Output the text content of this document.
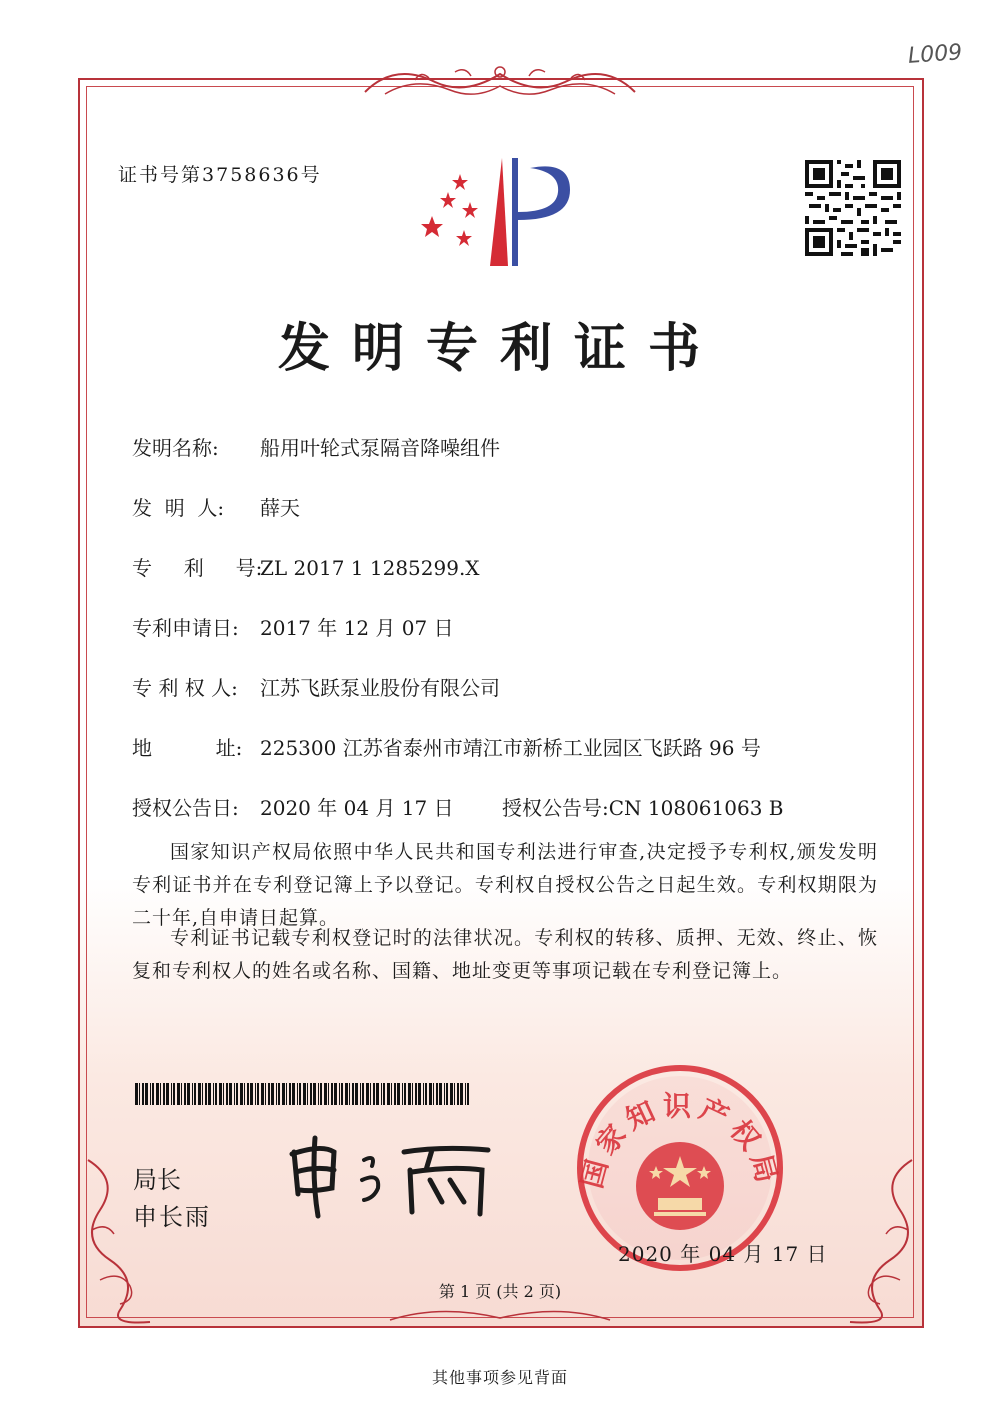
L009
证书号第3758636号
发明专利证书
发明名称: 船用叶轮式泵隔音降噪组件
发  明  人: 薛天
专     利     号:ZL 2017 1 1285299.X
专利申请日: 2017 年 12 月 07 日
专 利 权 人: 江苏飞跃泵业股份有限公司
地          址: 225300 江苏省泰州市靖江市新桥工业园区飞跃路 96 号
授权公告日: 2020 年 04 月 17 日 授权公告号:CN 108061063 B
国家知识产权局依照中华人民共和国专利法进行审查,决定授予专利权,颁发发明专利证书并在专利登记簿上予以登记。专利权自授权公告之日起生效。专利权期限为二十年,自申请日起算。
专利证书记载专利权登记时的法律状况。专利权的转移、质押、无效、终止、恢复和专利权人的姓名或名称、国籍、地址变更等事项记载在专利登记簿上。
局长
申长雨
国家知识产权局
2020 年 04 月 17 日
第 1 页 (共 2 页)
其他事项参见背面
